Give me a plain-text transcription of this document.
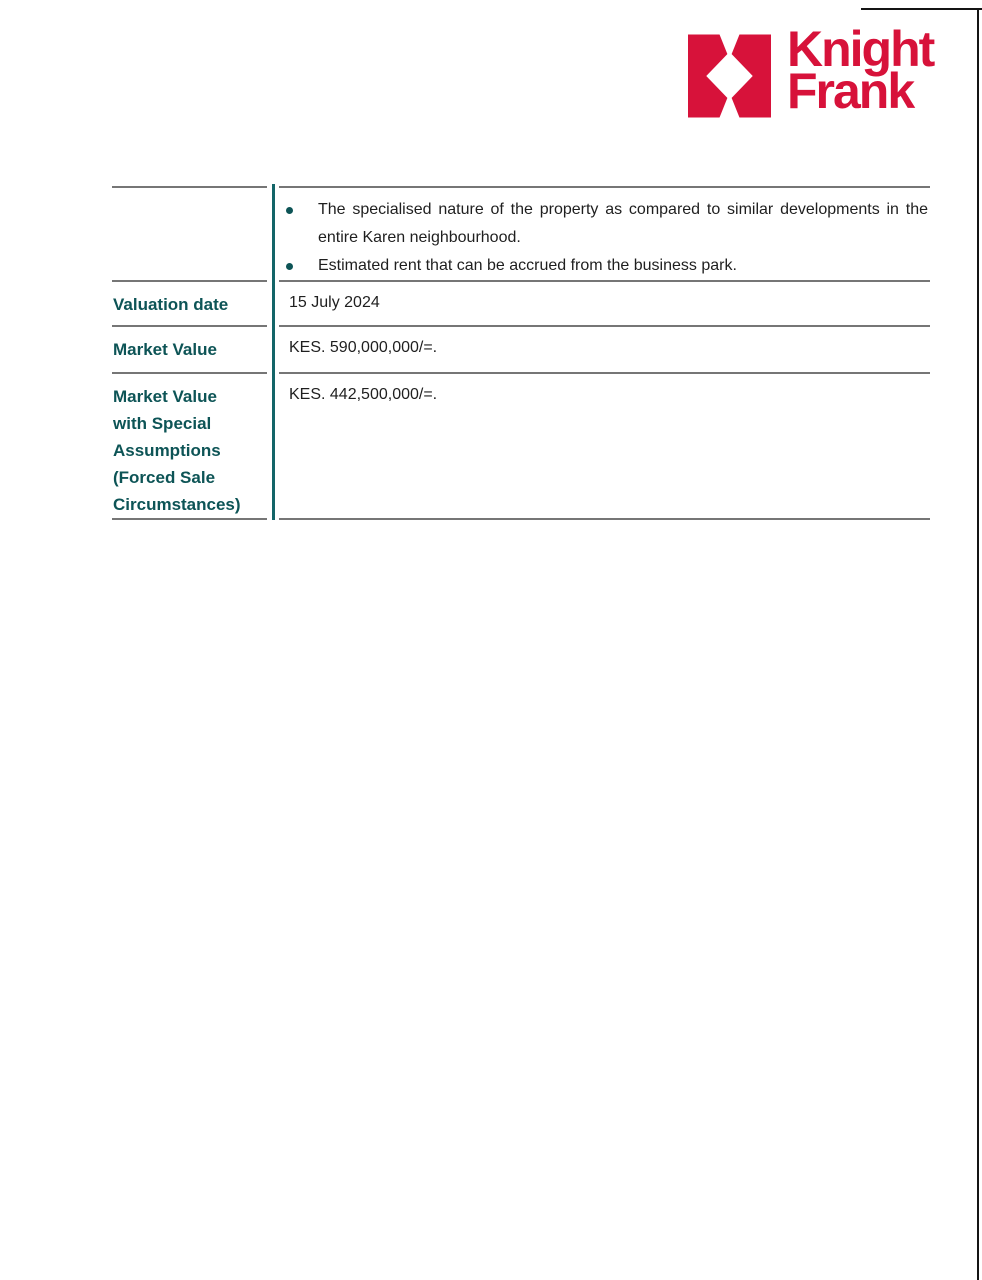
Knight
Frank
The specialised nature of the property as compared to similar developments in the entire Karen neighbourhood.
Estimated rent that can be accrued from the business park.
Valuation date	15 July 2024
Market Value	KES. 590,000,000/=.
Market Value with Special Assumptions (Forced Sale Circumstances)
KES. 442,500,000/=.
